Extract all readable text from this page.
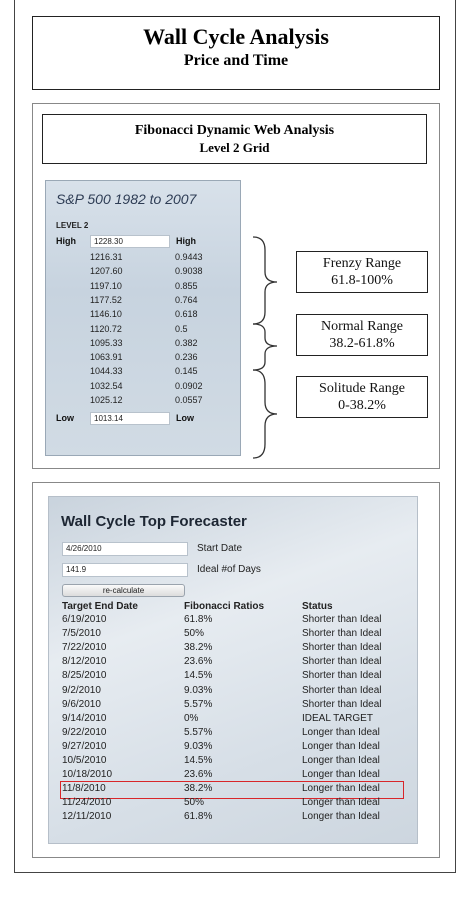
Wall Cycle Analysis
Price and Time
Fibonacci Dynamic Web Analysis
Level 2 Grid
S&P 500 1982 to 2007
LEVEL 2
High	1228.30	High
1216.31	0.9443
1207.60	0.9038
1197.10	0.855
1177.52	0.764
1146.10	0.618
1120.72	0.5
1095.33	0.382
1063.91	0.236
1044.33	0.145
1032.54	0.0902
1025.12	0.0557
Low	1013.14	Low
Frenzy Range
61.8-100%
Normal Range
38.2-61.8%
Solitude Range
0-38.2%
Wall Cycle Top Forecaster
4/26/2010	Start Date
141.9	Ideal #of Days
re-calculate
Target End Date	Fibonacci Ratios	Status
6/19/2010	61.8%	Shorter than Ideal
7/5/2010	50%	Shorter than Ideal
7/22/2010	38.2%	Shorter than Ideal
8/12/2010	23.6%	Shorter than Ideal
8/25/2010	14.5%	Shorter than Ideal
9/2/2010	9.03%	Shorter than Ideal
9/6/2010	5.57%	Shorter than Ideal
9/14/2010	0%	IDEAL TARGET
9/22/2010	5.57%	Longer than Ideal
9/27/2010	9.03%	Longer than Ideal
10/5/2010	14.5%	Longer than Ideal
10/18/2010	23.6%	Longer than Ideal
11/8/2010	38.2%	Longer than Ideal
11/24/2010	50%	Longer than Ideal
12/11/2010	61.8%	Longer than Ideal
